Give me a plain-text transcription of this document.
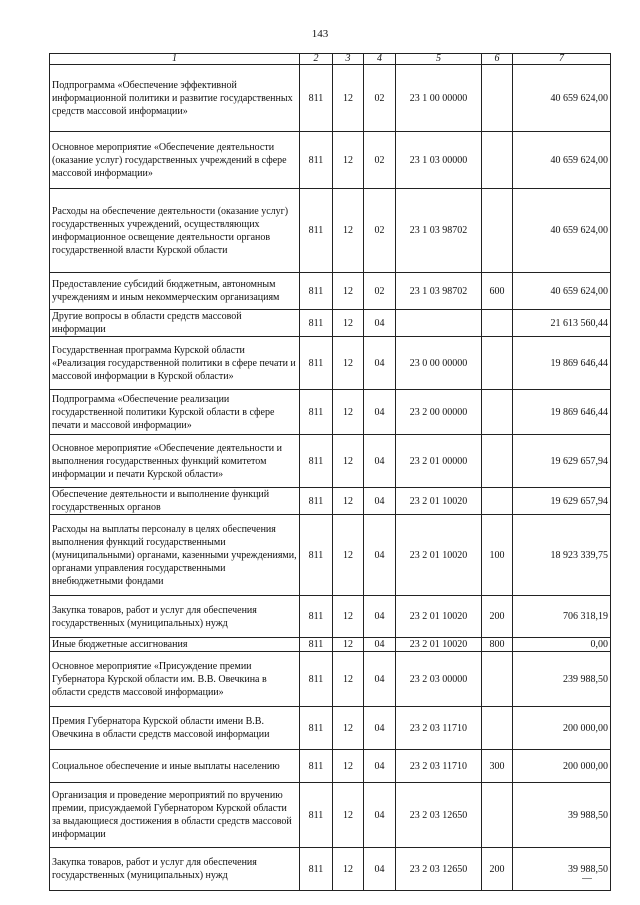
143
1	2	3	4	5	6	7
Подпрограмма «Обеспечение эффективной информационной политики и развитие государственных средств массовой информации»	811	12	02	23 1 00 00000		40 659 624,00
Основное мероприятие «Обеспечение деятельности (оказание услуг) государственных учреждений в сфере массовой информации»	811	12	02	23 1 03 00000		40 659 624,00
Расходы на обеспечение деятельности (оказание услуг) государственных учреждений, осуществляющих информационное освещение деятельности органов государственной власти Курской области	811	12	02	23 1 03 98702		40 659 624,00
Предоставление субсидий бюджетным, автономным учреждениям и иным некоммерческим организациям	811	12	02	23 1 03 98702	600	40 659 624,00
Другие вопросы в области средств массовой информации	811	12	04			21 613 560,44
Государственная программа Курской области «Реализация государственной политики в сфере печати и массовой информации в Курской области»	811	12	04	23 0 00 00000		19 869 646,44
Подпрограмма «Обеспечение реализации государственной политики Курской области в сфере печати и массовой информации»	811	12	04	23 2 00 00000		19 869 646,44
Основное мероприятие «Обеспечение деятельности и выполнения государственных функций комитетом информации и печати Курской области»	811	12	04	23 2 01 00000		19 629 657,94
Обеспечение деятельности и выполнение функций государственных органов	811	12	04	23 2 01 10020		19 629 657,94
Расходы на выплаты персоналу в целях обеспечения выполнения функций государственными (муниципальными) органами, казенными учреждениями, органами управления государственными внебюджетными фондами	811	12	04	23 2 01 10020	100	18 923 339,75
Закупка товаров, работ и услуг для обеспечения государственных (муниципальных) нужд	811	12	04	23 2 01 10020	200	706 318,19
Иные бюджетные ассигнования	811	12	04	23 2 01 10020	800	0,00
Основное мероприятие «Присуждение премии Губернатора Курской области им. В.В. Овечкина в области средств массовой информации»	811	12	04	23 2 03 00000		239 988,50
Премия Губернатора Курской области имени В.В. Овечкина в области средств массовой информации	811	12	04	23 2 03 11710		200 000,00
Социальное обеспечение и иные выплаты населению	811	12	04	23 2 03 11710	300	200 000,00
Организация и проведение мероприятий по вручению премии, присуждаемой Губернатором Курской области за выдающиеся достижения в области средств массовой информации	811	12	04	23 2 03 12650		39 988,50
Закупка товаров, работ и услуг для обеспечения государственных (муниципальных) нужд	811	12	04	23 2 03 12650	200	39 988,50
